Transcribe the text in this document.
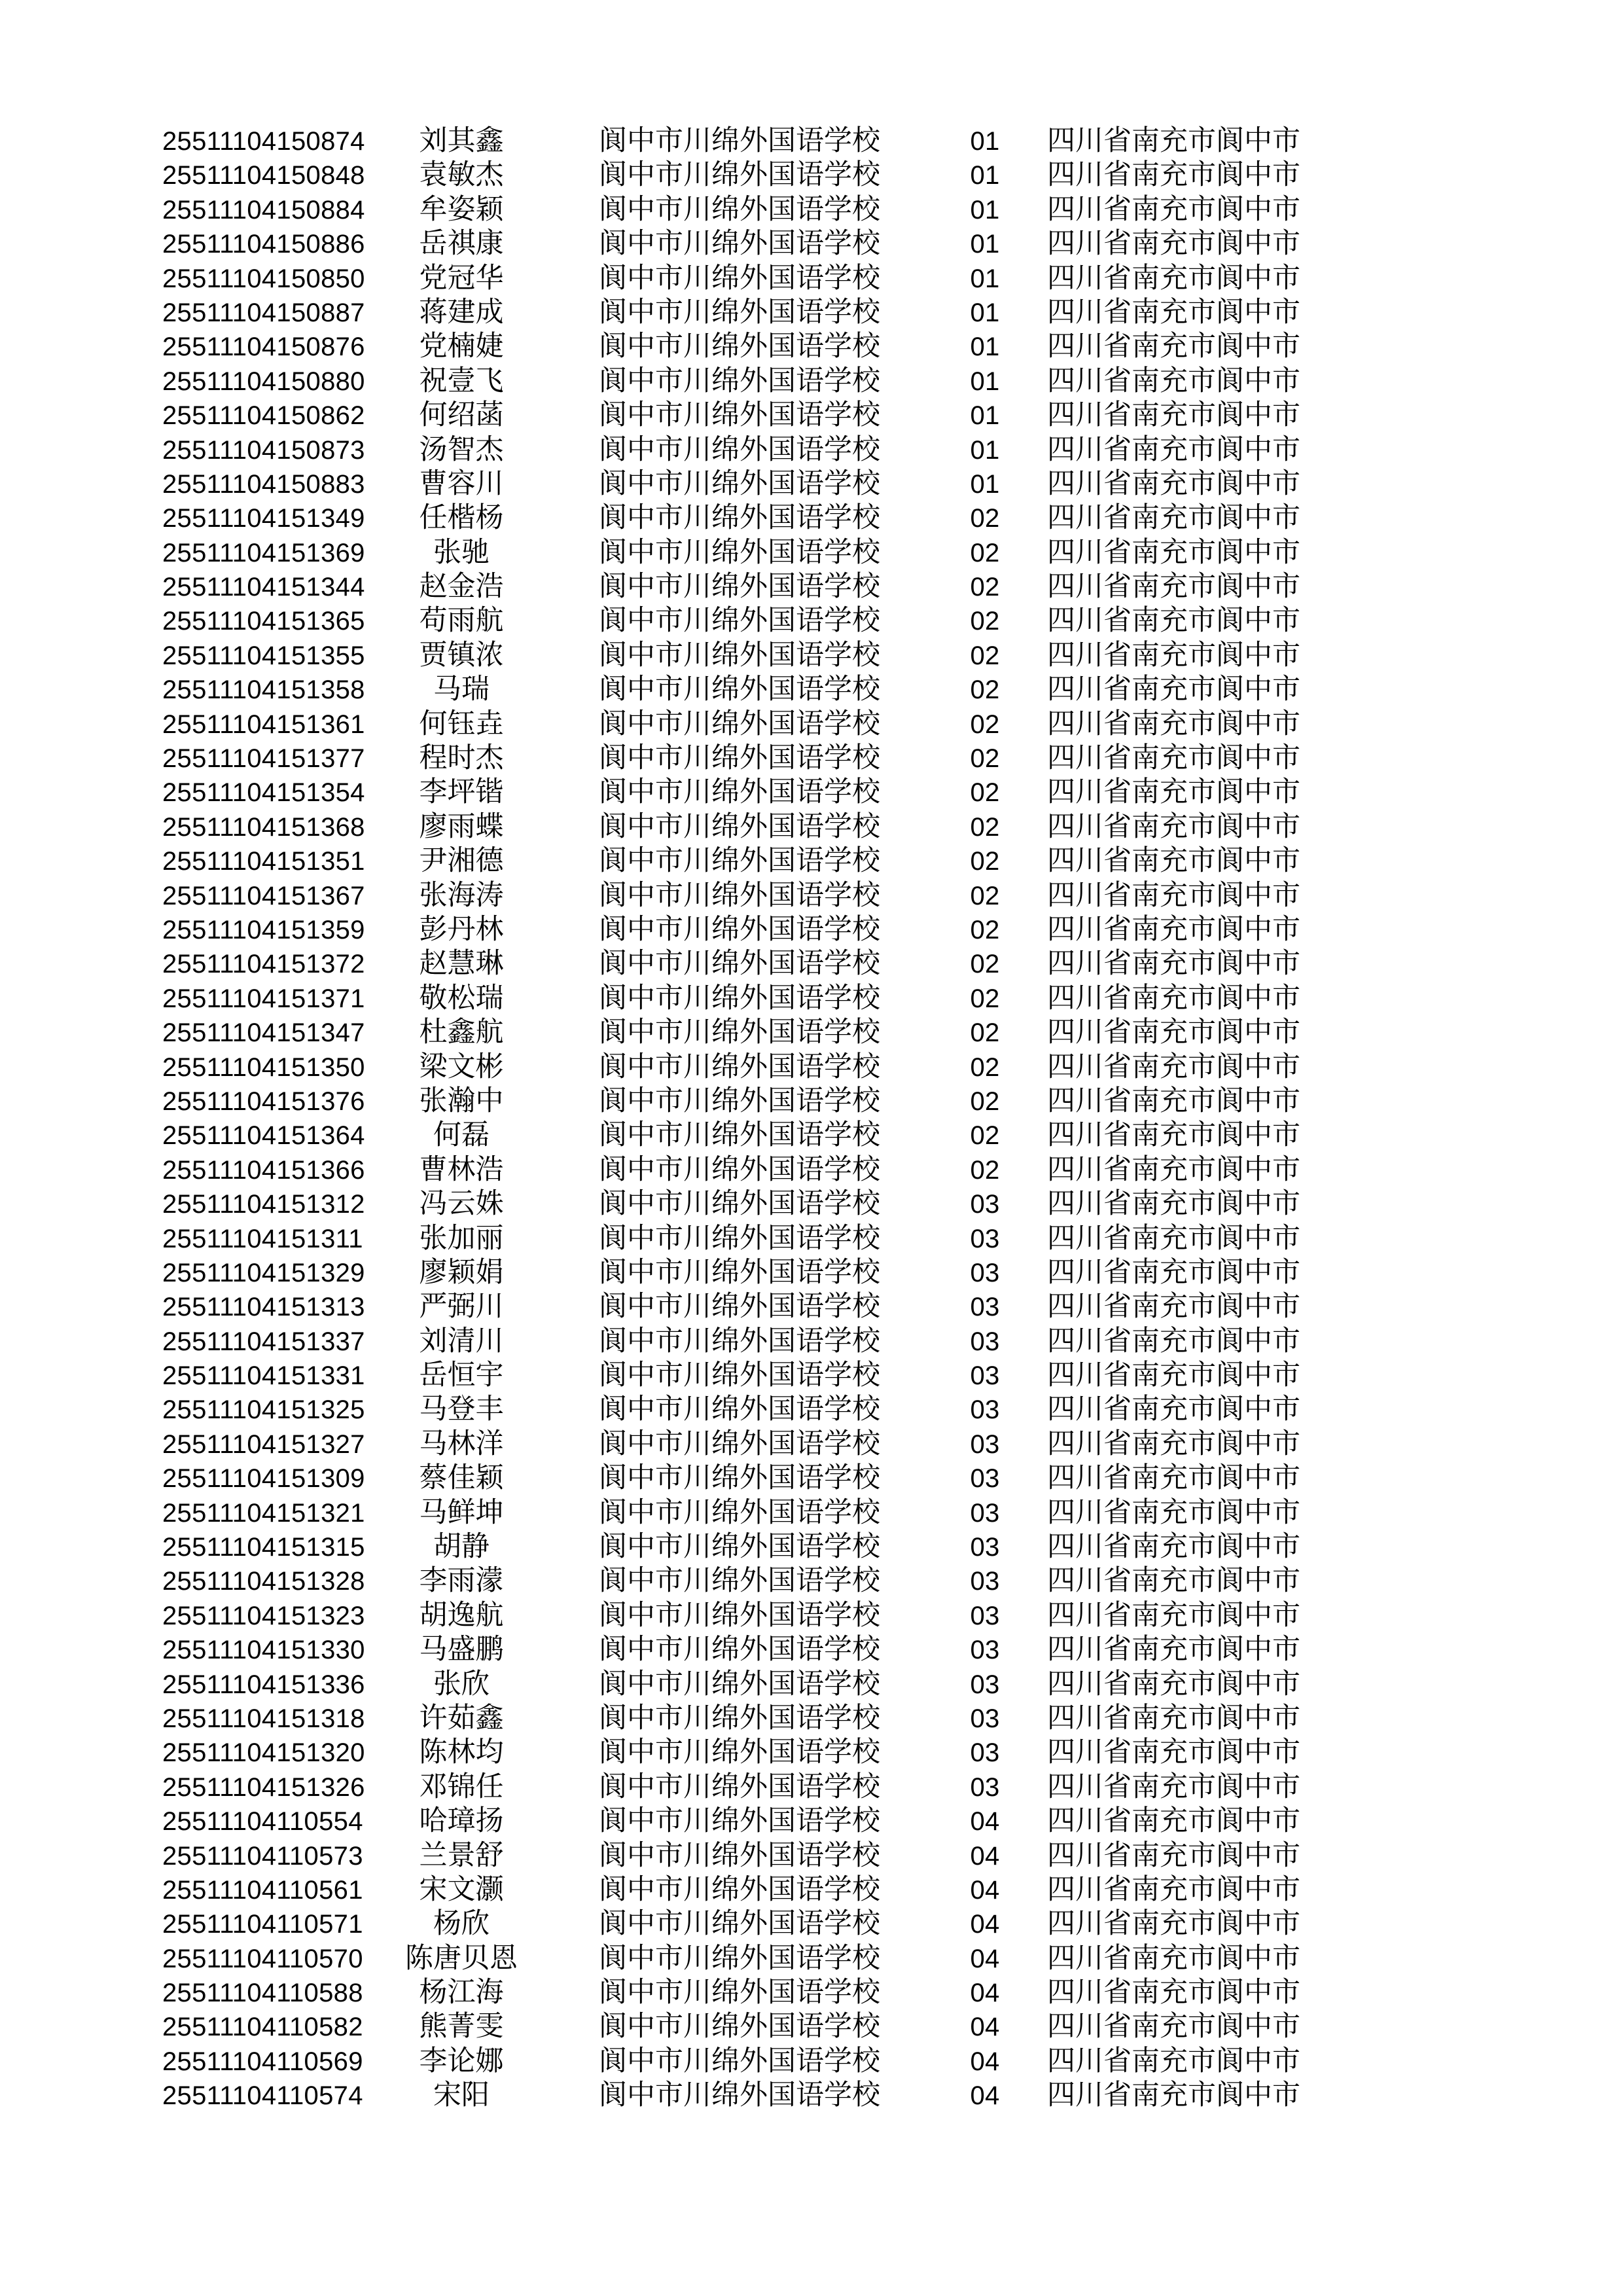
25511104150874	刘其鑫	阆中市川绵外国语学校	01	四川省南充市阆中市
25511104150848	袁敏杰	阆中市川绵外国语学校	01	四川省南充市阆中市
25511104150884	牟姿颖	阆中市川绵外国语学校	01	四川省南充市阆中市
25511104150886	岳祺康	阆中市川绵外国语学校	01	四川省南充市阆中市
25511104150850	党冠华	阆中市川绵外国语学校	01	四川省南充市阆中市
25511104150887	蒋建成	阆中市川绵外国语学校	01	四川省南充市阆中市
25511104150876	党楠婕	阆中市川绵外国语学校	01	四川省南充市阆中市
25511104150880	祝壹飞	阆中市川绵外国语学校	01	四川省南充市阆中市
25511104150862	何绍菡	阆中市川绵外国语学校	01	四川省南充市阆中市
25511104150873	汤智杰	阆中市川绵外国语学校	01	四川省南充市阆中市
25511104150883	曹容川	阆中市川绵外国语学校	01	四川省南充市阆中市
25511104151349	任楷杨	阆中市川绵外国语学校	02	四川省南充市阆中市
25511104151369	张驰	阆中市川绵外国语学校	02	四川省南充市阆中市
25511104151344	赵金浩	阆中市川绵外国语学校	02	四川省南充市阆中市
25511104151365	苟雨航	阆中市川绵外国语学校	02	四川省南充市阆中市
25511104151355	贾镇浓	阆中市川绵外国语学校	02	四川省南充市阆中市
25511104151358	马瑞	阆中市川绵外国语学校	02	四川省南充市阆中市
25511104151361	何钰垚	阆中市川绵外国语学校	02	四川省南充市阆中市
25511104151377	程时杰	阆中市川绵外国语学校	02	四川省南充市阆中市
25511104151354	李坪锴	阆中市川绵外国语学校	02	四川省南充市阆中市
25511104151368	廖雨蝶	阆中市川绵外国语学校	02	四川省南充市阆中市
25511104151351	尹湘德	阆中市川绵外国语学校	02	四川省南充市阆中市
25511104151367	张海涛	阆中市川绵外国语学校	02	四川省南充市阆中市
25511104151359	彭丹林	阆中市川绵外国语学校	02	四川省南充市阆中市
25511104151372	赵慧琳	阆中市川绵外国语学校	02	四川省南充市阆中市
25511104151371	敬松瑞	阆中市川绵外国语学校	02	四川省南充市阆中市
25511104151347	杜鑫航	阆中市川绵外国语学校	02	四川省南充市阆中市
25511104151350	梁文彬	阆中市川绵外国语学校	02	四川省南充市阆中市
25511104151376	张瀚中	阆中市川绵外国语学校	02	四川省南充市阆中市
25511104151364	何磊	阆中市川绵外国语学校	02	四川省南充市阆中市
25511104151366	曹林浩	阆中市川绵外国语学校	02	四川省南充市阆中市
25511104151312	冯云姝	阆中市川绵外国语学校	03	四川省南充市阆中市
25511104151311	张加丽	阆中市川绵外国语学校	03	四川省南充市阆中市
25511104151329	廖颖娟	阆中市川绵外国语学校	03	四川省南充市阆中市
25511104151313	严弼川	阆中市川绵外国语学校	03	四川省南充市阆中市
25511104151337	刘清川	阆中市川绵外国语学校	03	四川省南充市阆中市
25511104151331	岳恒宇	阆中市川绵外国语学校	03	四川省南充市阆中市
25511104151325	马登丰	阆中市川绵外国语学校	03	四川省南充市阆中市
25511104151327	马林洋	阆中市川绵外国语学校	03	四川省南充市阆中市
25511104151309	蔡佳颖	阆中市川绵外国语学校	03	四川省南充市阆中市
25511104151321	马鲜坤	阆中市川绵外国语学校	03	四川省南充市阆中市
25511104151315	胡静	阆中市川绵外国语学校	03	四川省南充市阆中市
25511104151328	李雨濛	阆中市川绵外国语学校	03	四川省南充市阆中市
25511104151323	胡逸航	阆中市川绵外国语学校	03	四川省南充市阆中市
25511104151330	马盛鹏	阆中市川绵外国语学校	03	四川省南充市阆中市
25511104151336	张欣	阆中市川绵外国语学校	03	四川省南充市阆中市
25511104151318	许茹鑫	阆中市川绵外国语学校	03	四川省南充市阆中市
25511104151320	陈林均	阆中市川绵外国语学校	03	四川省南充市阆中市
25511104151326	邓锦任	阆中市川绵外国语学校	03	四川省南充市阆中市
25511104110554	哈璋扬	阆中市川绵外国语学校	04	四川省南充市阆中市
25511104110573	兰景舒	阆中市川绵外国语学校	04	四川省南充市阆中市
25511104110561	宋文灏	阆中市川绵外国语学校	04	四川省南充市阆中市
25511104110571	杨欣	阆中市川绵外国语学校	04	四川省南充市阆中市
25511104110570	陈唐贝恩	阆中市川绵外国语学校	04	四川省南充市阆中市
25511104110588	杨江海	阆中市川绵外国语学校	04	四川省南充市阆中市
25511104110582	熊菁雯	阆中市川绵外国语学校	04	四川省南充市阆中市
25511104110569	李论娜	阆中市川绵外国语学校	04	四川省南充市阆中市
25511104110574	宋阳	阆中市川绵外国语学校	04	四川省南充市阆中市
